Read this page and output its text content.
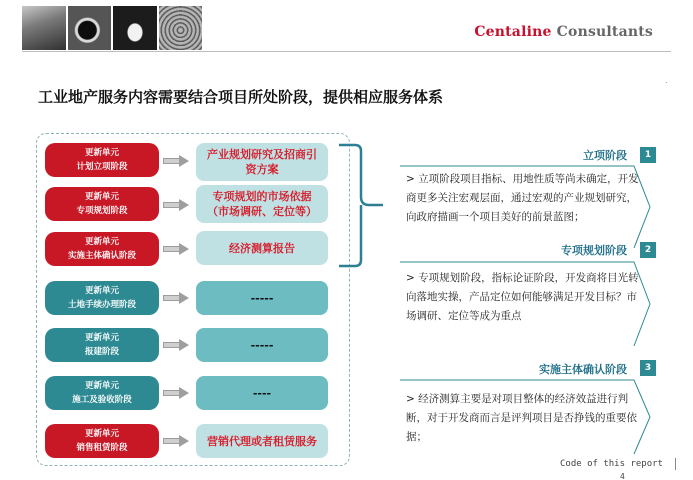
Centaline Consultants
.
工业地产服务内容需要结合项目所处阶段，提供相应服务体系
更新单元
计划立项阶段
产业规划研究及招商引资方案
更新单元
专项规划阶段
专项规划的市场依据（市场调研、定位等）
更新单元
实施主体确认阶段
经济测算报告
更新单元
土地手续办理阶段
-----
更新单元
报建阶段
-----
更新单元
施工及验收阶段
----
更新单元
销售租赁阶段
营销代理或者租赁服务
立项阶段	1
> 立项阶段项目指标、用地性质等尚未确定，开发商更多关注宏观层面，通过宏观的产业规划研究，向政府描画一个项目美好的前景蓝图；
专项规划阶段	2
> 专项规划阶段，指标论证阶段，开发商将目光转向落地实操，产品定位如何能够满足开发目标？市场调研、定位等成为重点
实施主体确认阶段	3
> 经济测算主要是对项目整体的经济效益进行判断，对于开发商而言是评判项目是否挣钱的重要依据；
Code of this report
4
